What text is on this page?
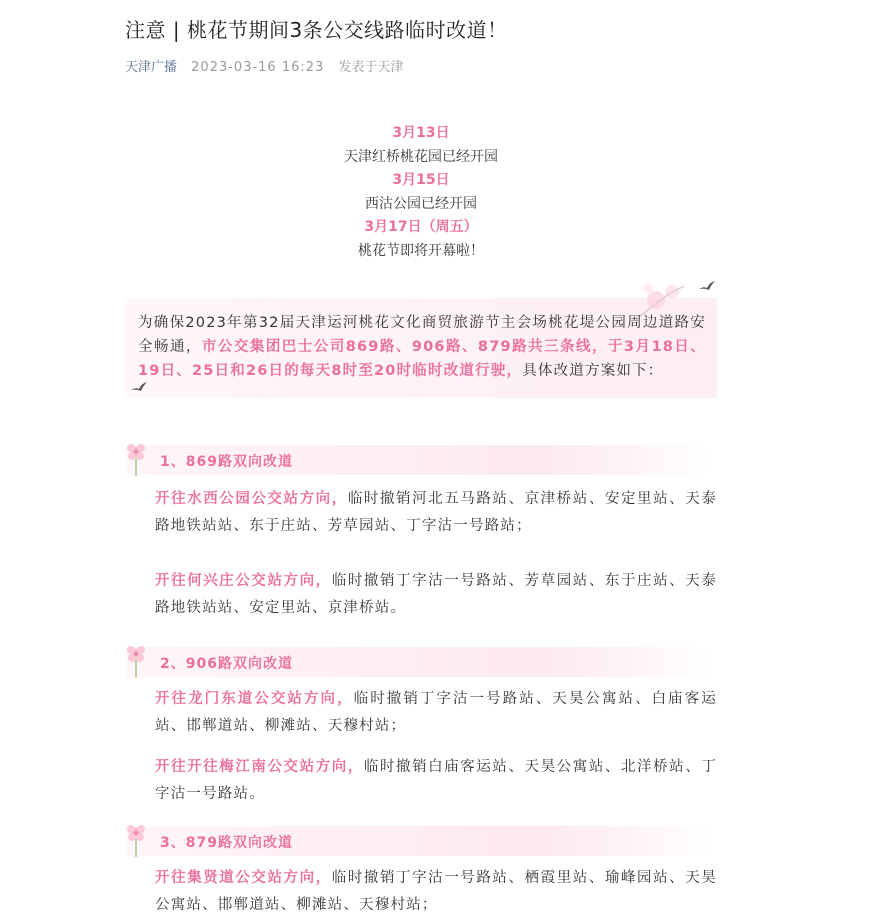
注意 | 桃花节期间3条公交线路临时改道！
天津广播 2023-03-16 16:23 发表于天津
3月13日
天津红桥桃花园已经开园
3月15日
西沽公园已经开园
3月17日（周五）
桃花节即将开幕啦！
为确保2023年第32届天津运河桃花文化商贸旅游节主会场桃花堤公园周边道路安全畅通，市公交集团巴士公司869路、906路、879路共三条线，于3月18日、19日、25日和26日的每天8时至20时临时改道行驶，具体改道方案如下：
1、869路双向改道
开往水西公园公交站方向，临时撤销河北五马路站、京津桥站、安定里站、天泰路地铁站站、东于庄站、芳草园站、丁字沽一号路站；
开往何兴庄公交站方向，临时撤销丁字沽一号路站、芳草园站、东于庄站、天泰路地铁站站、安定里站、京津桥站。
2、906路双向改道
开往龙门东道公交站方向，临时撤销丁字沽一号路站、天昊公寓站、白庙客运站、邯郸道站、柳滩站、天穆村站；
开往开往梅江南公交站方向，临时撤销白庙客运站、天昊公寓站、北洋桥站、丁字沽一号路站。
3、879路双向改道
开往集贤道公交站方向，临时撤销丁字沽一号路站、栖霞里站、瑜峰园站、天昊公寓站、邯郸道站、柳滩站、天穆村站；
